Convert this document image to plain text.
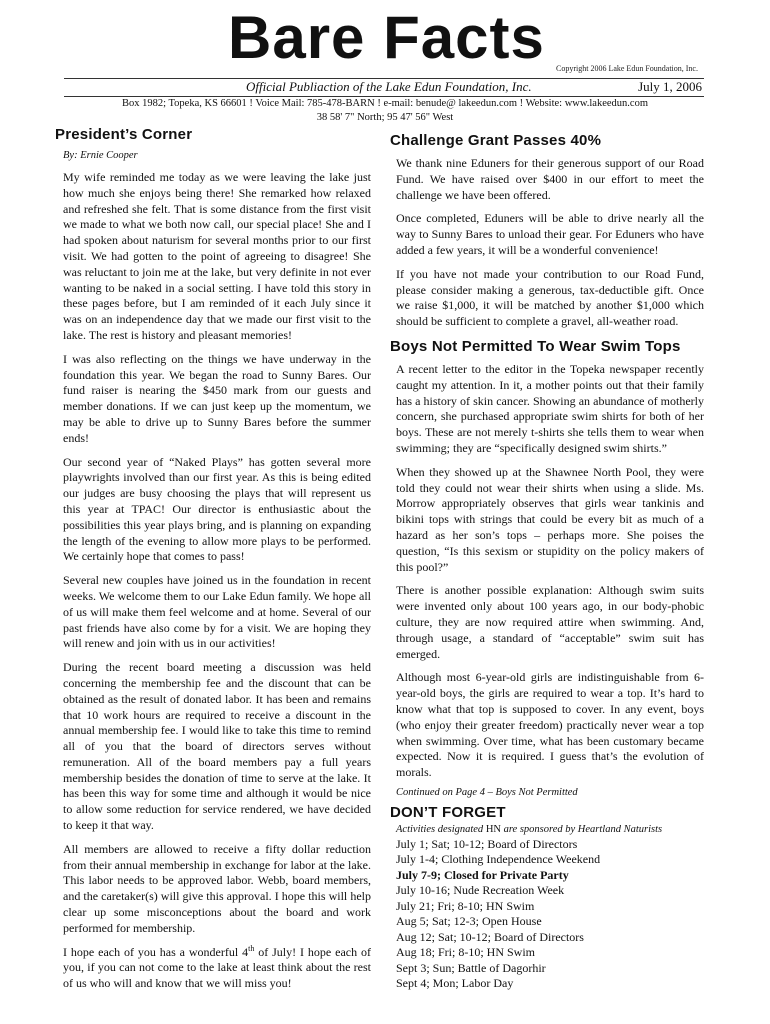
Bare Facts Copyright 2006 Lake Edun Foundation, Inc.
Official Publiaction of the Lake Edun Foundation, Inc.	July 1, 2006
Box 1982; Topeka, KS 66601 ! Voice Mail: 785-478-BARN ! e-mail: benude@ lakeedun.com ! Website: www.lakeedun.com
38 58' 7" North; 95 47' 56" West
President’s Corner
By: Ernie Cooper

My wife reminded me today as we were leaving the lake just how much she enjoys being there! She remarked how relaxed and refreshed she felt. That is some distance from the first visit we made to what we both now call, our special place! She and I had spoken about naturism for several months prior to our first visit. We had gotten to the point of agreeing to disagree! She was reluctant to join me at the lake, but very definite in not ever wanting to be naked in a social setting. I have told this story in these pages before, but I am reminded of it each July since it was on an independence day that we made our first visit to the lake. The rest is history and pleasant memories!

I was also reflecting on the things we have underway in the foundation this year. We began the road to Sunny Bares. Our fund raiser is nearing the $450 mark from our guests and member donations. If we can just keep up the momentum, we may be able to drive up to Sunny Bares before the summer ends!

Our second year of “Naked Plays” has gotten several more playwrights involved than our first year. As this is being edited our judges are busy choosing the plays that will represent us this year at TPAC! Our director is enthusiastic about the possibilities this year plays bring, and is planning on expanding the length of the evening to allow more plays to be performed. We certainly hope that comes to pass!

Several new couples have joined us in the foundation in recent weeks. We welcome them to our Lake Edun family. We hope all of us will make them feel welcome and at home. Several of our past friends have also come by for a visit. We are hoping they will renew and join with us in our activities!

During the recent board meeting a discussion was held concerning the membership fee and the discount that can be obtained as the result of donated labor. It has been and remains that 10 work hours are required to receive a discount in the annual membership fee. I would like to take this time to remind all of you that the board of directors serves without remuneration. All of the board members pay a full years membership besides the donation of time to serve at the lake. It has been this way for some time and although it would be nice to allow some reduction for service rendered, we have decided to keep it that way.

All members are allowed to receive a fifty dollar reduction from their annual membership in exchange for labor at the lake. This labor needs to be approved labor. Webb, board members, and the caretaker(s) will give this approval. I hope this will help clear up some misconceptions about the board and work performed for membership.

I hope each of you has a wonderful 4th of July! I hope each of you, if you can not come to the lake at least think about the rest of us who will and know that we will miss you!

Challenge Grant Passes 40%

We thank nine Eduners for their generous support of our Road Fund. We have raised over $400 in our effort to meet the challenge we have been offered.

Once completed, Eduners will be able to drive nearly all the way to Sunny Bares to unload their gear. For Eduners who have added a few years, it will be a wonderful convenience!

If you have not made your contribution to our Road Fund, please consider making a generous, tax-deductible gift. Once we raise $1,000, it will be matched by another $1,000 which should be sufficient to complete a gravel, all-weather road.

Boys Not Permitted To Wear Swim Tops

A recent letter to the editor in the Topeka newspaper recently caught my attention. In it, a mother points out that their family has a history of skin cancer. Showing an abundance of motherly concern, she purchased appropriate swim shirts for both of her boys. These are not merely t-shirts she tells them to wear when swimming; they are “specifically designed swim shirts.”

When they showed up at the Shawnee North Pool, they were told they could not wear their shirts when using a slide. Ms. Morrow appropriately observes that girls wear tankinis and bikini tops with strings that could be every bit as much of a hazard as her son’s tops – perhaps more. She poises the question, “Is this sexism or stupidity on the policy makers of this pool?”

There is another possible explanation: Although swim suits were invented only about 100 years ago, in our body-phobic culture, they are now required attire when swimming. And, through usage, a standard of “acceptable” swim suit has emerged.

Although most 6-year-old girls are indistinguishable from 6-year-old boys, the girls are required to wear a top. It’s hard to know what that top is supposed to cover. In any event, boys (who enjoy their greater freedom) practically never wear a top when swimming. Over time, what has been customary became expected. Now it is required. I guess that’s the evolution of morals.

Continued on Page 4 – Boys Not Permitted
DON’T FORGET
Activities designated HN are sponsored by Heartland Naturists
July 1; Sat; 10-12; Board of Directors
July 1-4; Clothing Independence Weekend
July 7-9; Closed for Private Party
July 10-16; Nude Recreation Week
July 21; Fri; 8-10; HN Swim
Aug 5; Sat; 12-3; Open House
Aug 12; Sat; 10-12; Board of Directors
Aug 18; Fri; 8-10; HN Swim
Sept 3; Sun; Battle of Dagorhir
Sept 4; Mon; Labor Day
